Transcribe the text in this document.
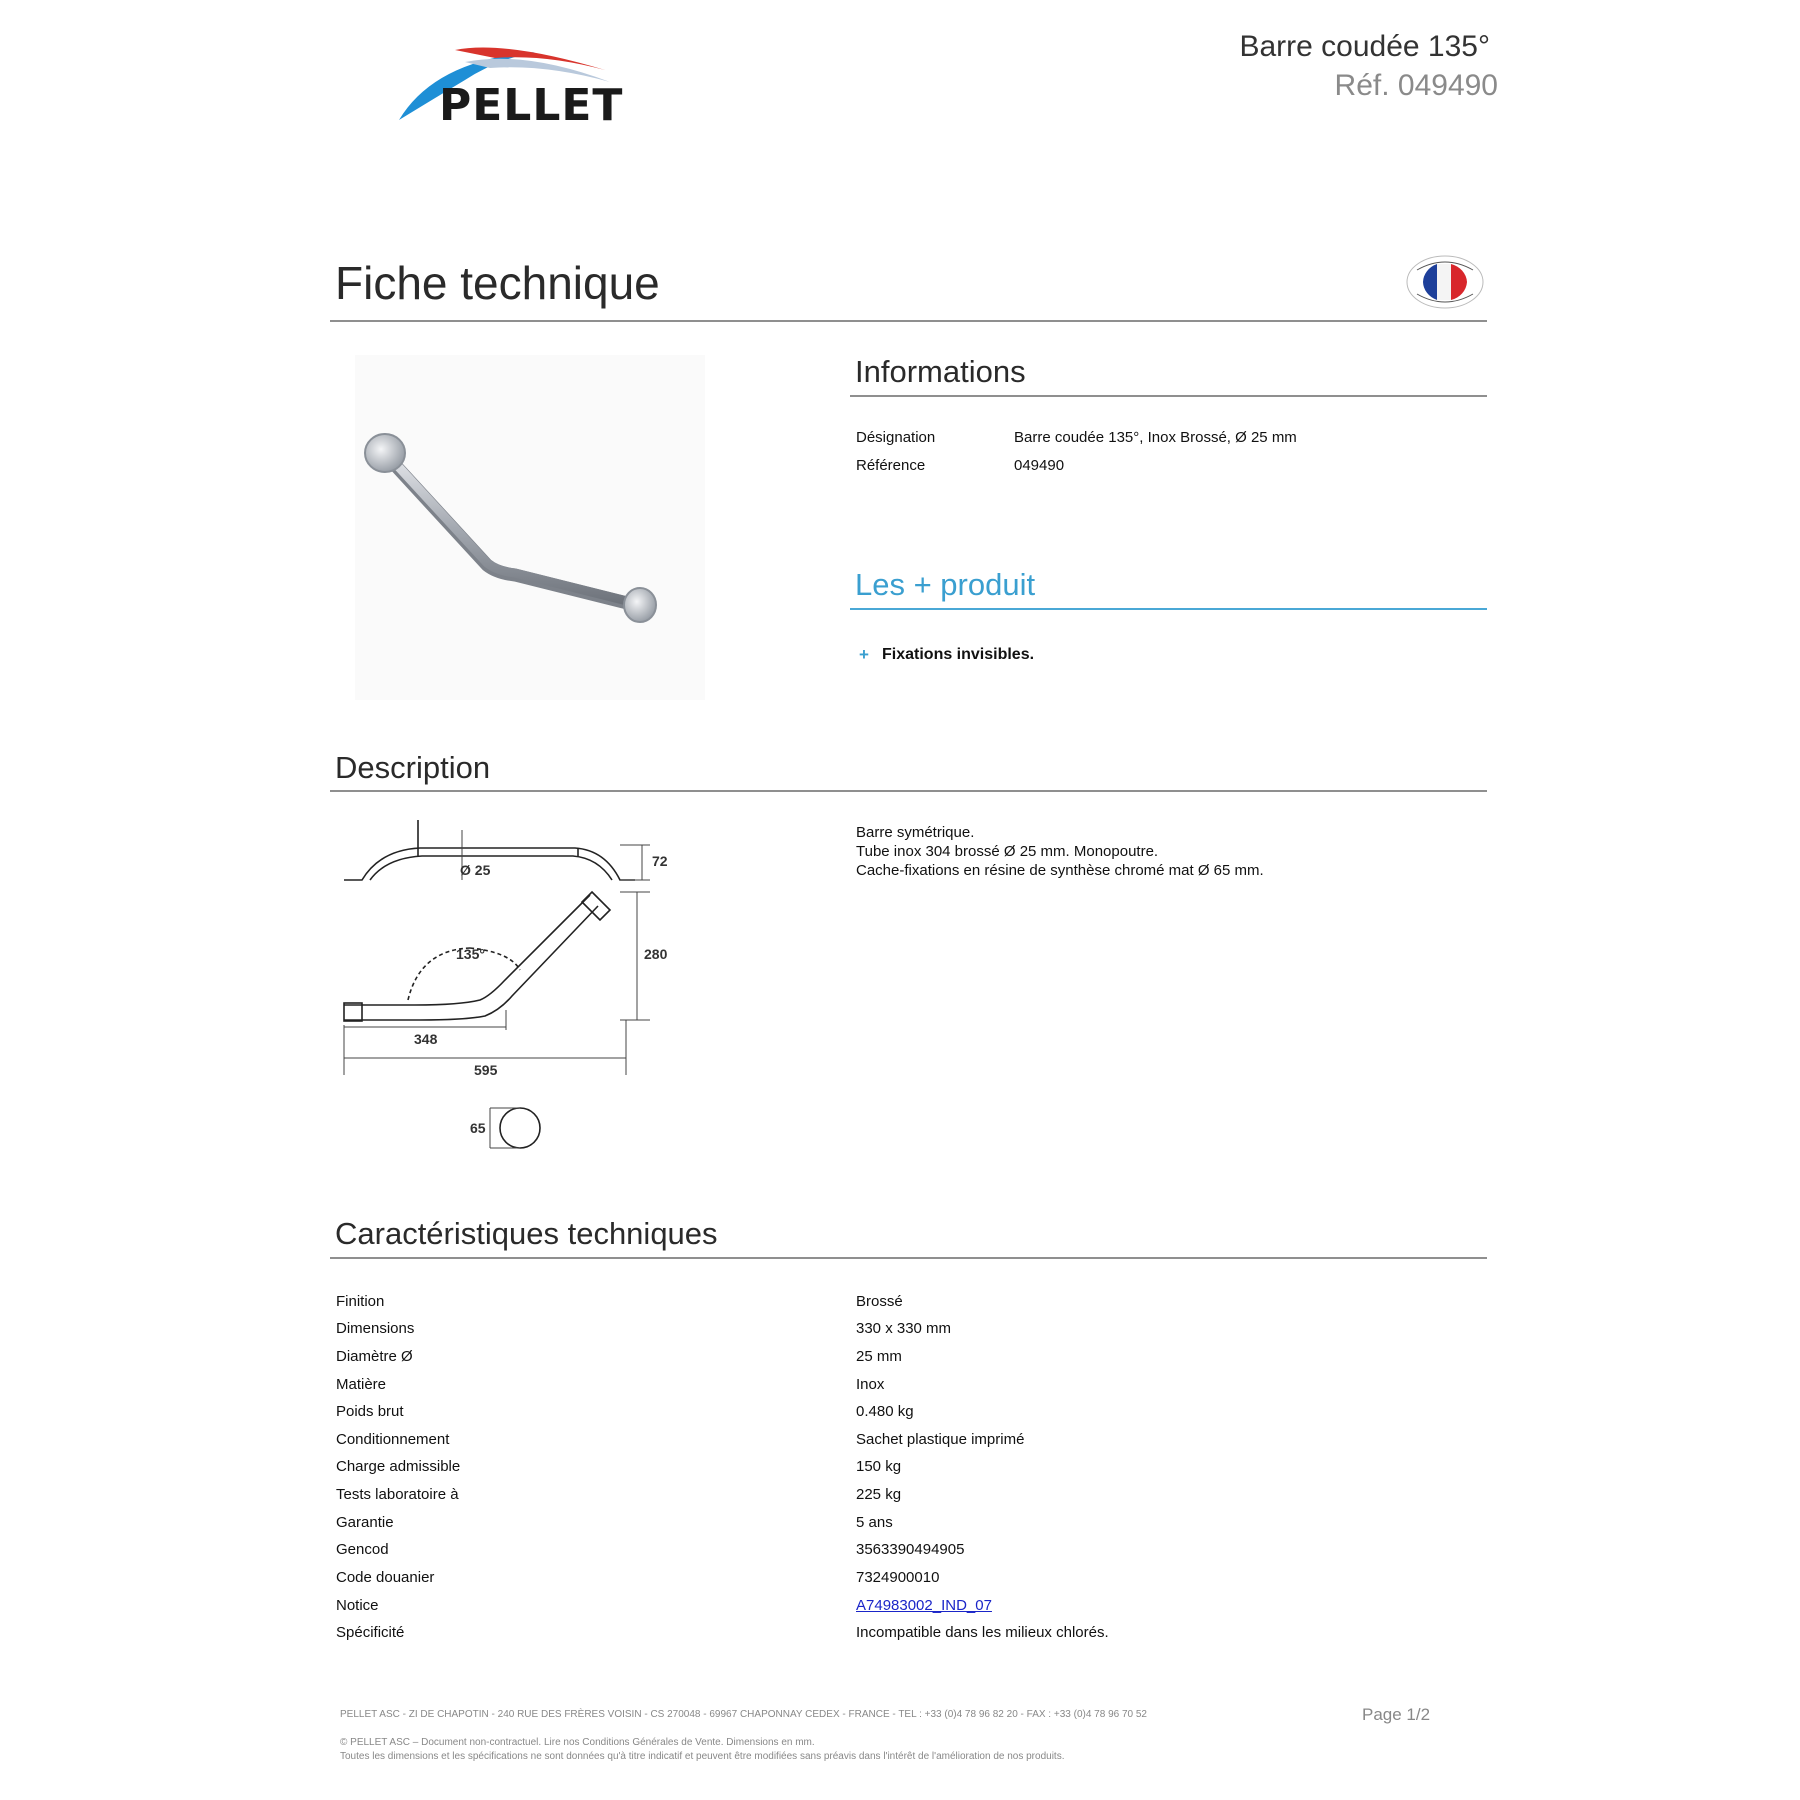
PELLET
Barre coudée 135°
Réf. 049490
Fiche technique
Informations
Désignation	Barre coudée 135°, Inox Brossé, Ø 25 mm
Référence	049490
Les + produit
+ Fixations invisibles.
Description
Barre symétrique.
Tube inox 304 brossé Ø 25 mm. Monopoutre.
Cache-fixations en résine de synthèse chromé mat Ø 65 mm.
Ø 25
72
135°	280
348
595
65
Caractéristiques techniques
Finition	Brossé
Dimensions	330 x 330 mm
Diamètre Ø	25 mm
Matière	Inox
Poids brut	0.480 kg
Conditionnement	Sachet plastique imprimé
Charge admissible	150 kg
Tests laboratoire à	225 kg
Garantie	5 ans
Gencod	3563390494905
Code douanier	7324900010
Notice	A74983002_IND_07
Spécificité	Incompatible dans les milieux chlorés.
PELLET ASC - ZI DE CHAPOTIN - 240 RUE DES FRÈRES VOISIN - CS 270048 - 69967 CHAPONNAY CEDEX - FRANCE - TEL : +33 (0)4 78 96 82 20 - FAX : +33 (0)4 78 96 70 52	Page 1/2
© PELLET ASC – Document non-contractuel. Lire nos Conditions Générales de Vente. Dimensions en mm.
Toutes les dimensions et les spécifications ne sont données qu'à titre indicatif et peuvent être modifiées sans préavis dans l'intérêt de l'amélioration de nos produits.
